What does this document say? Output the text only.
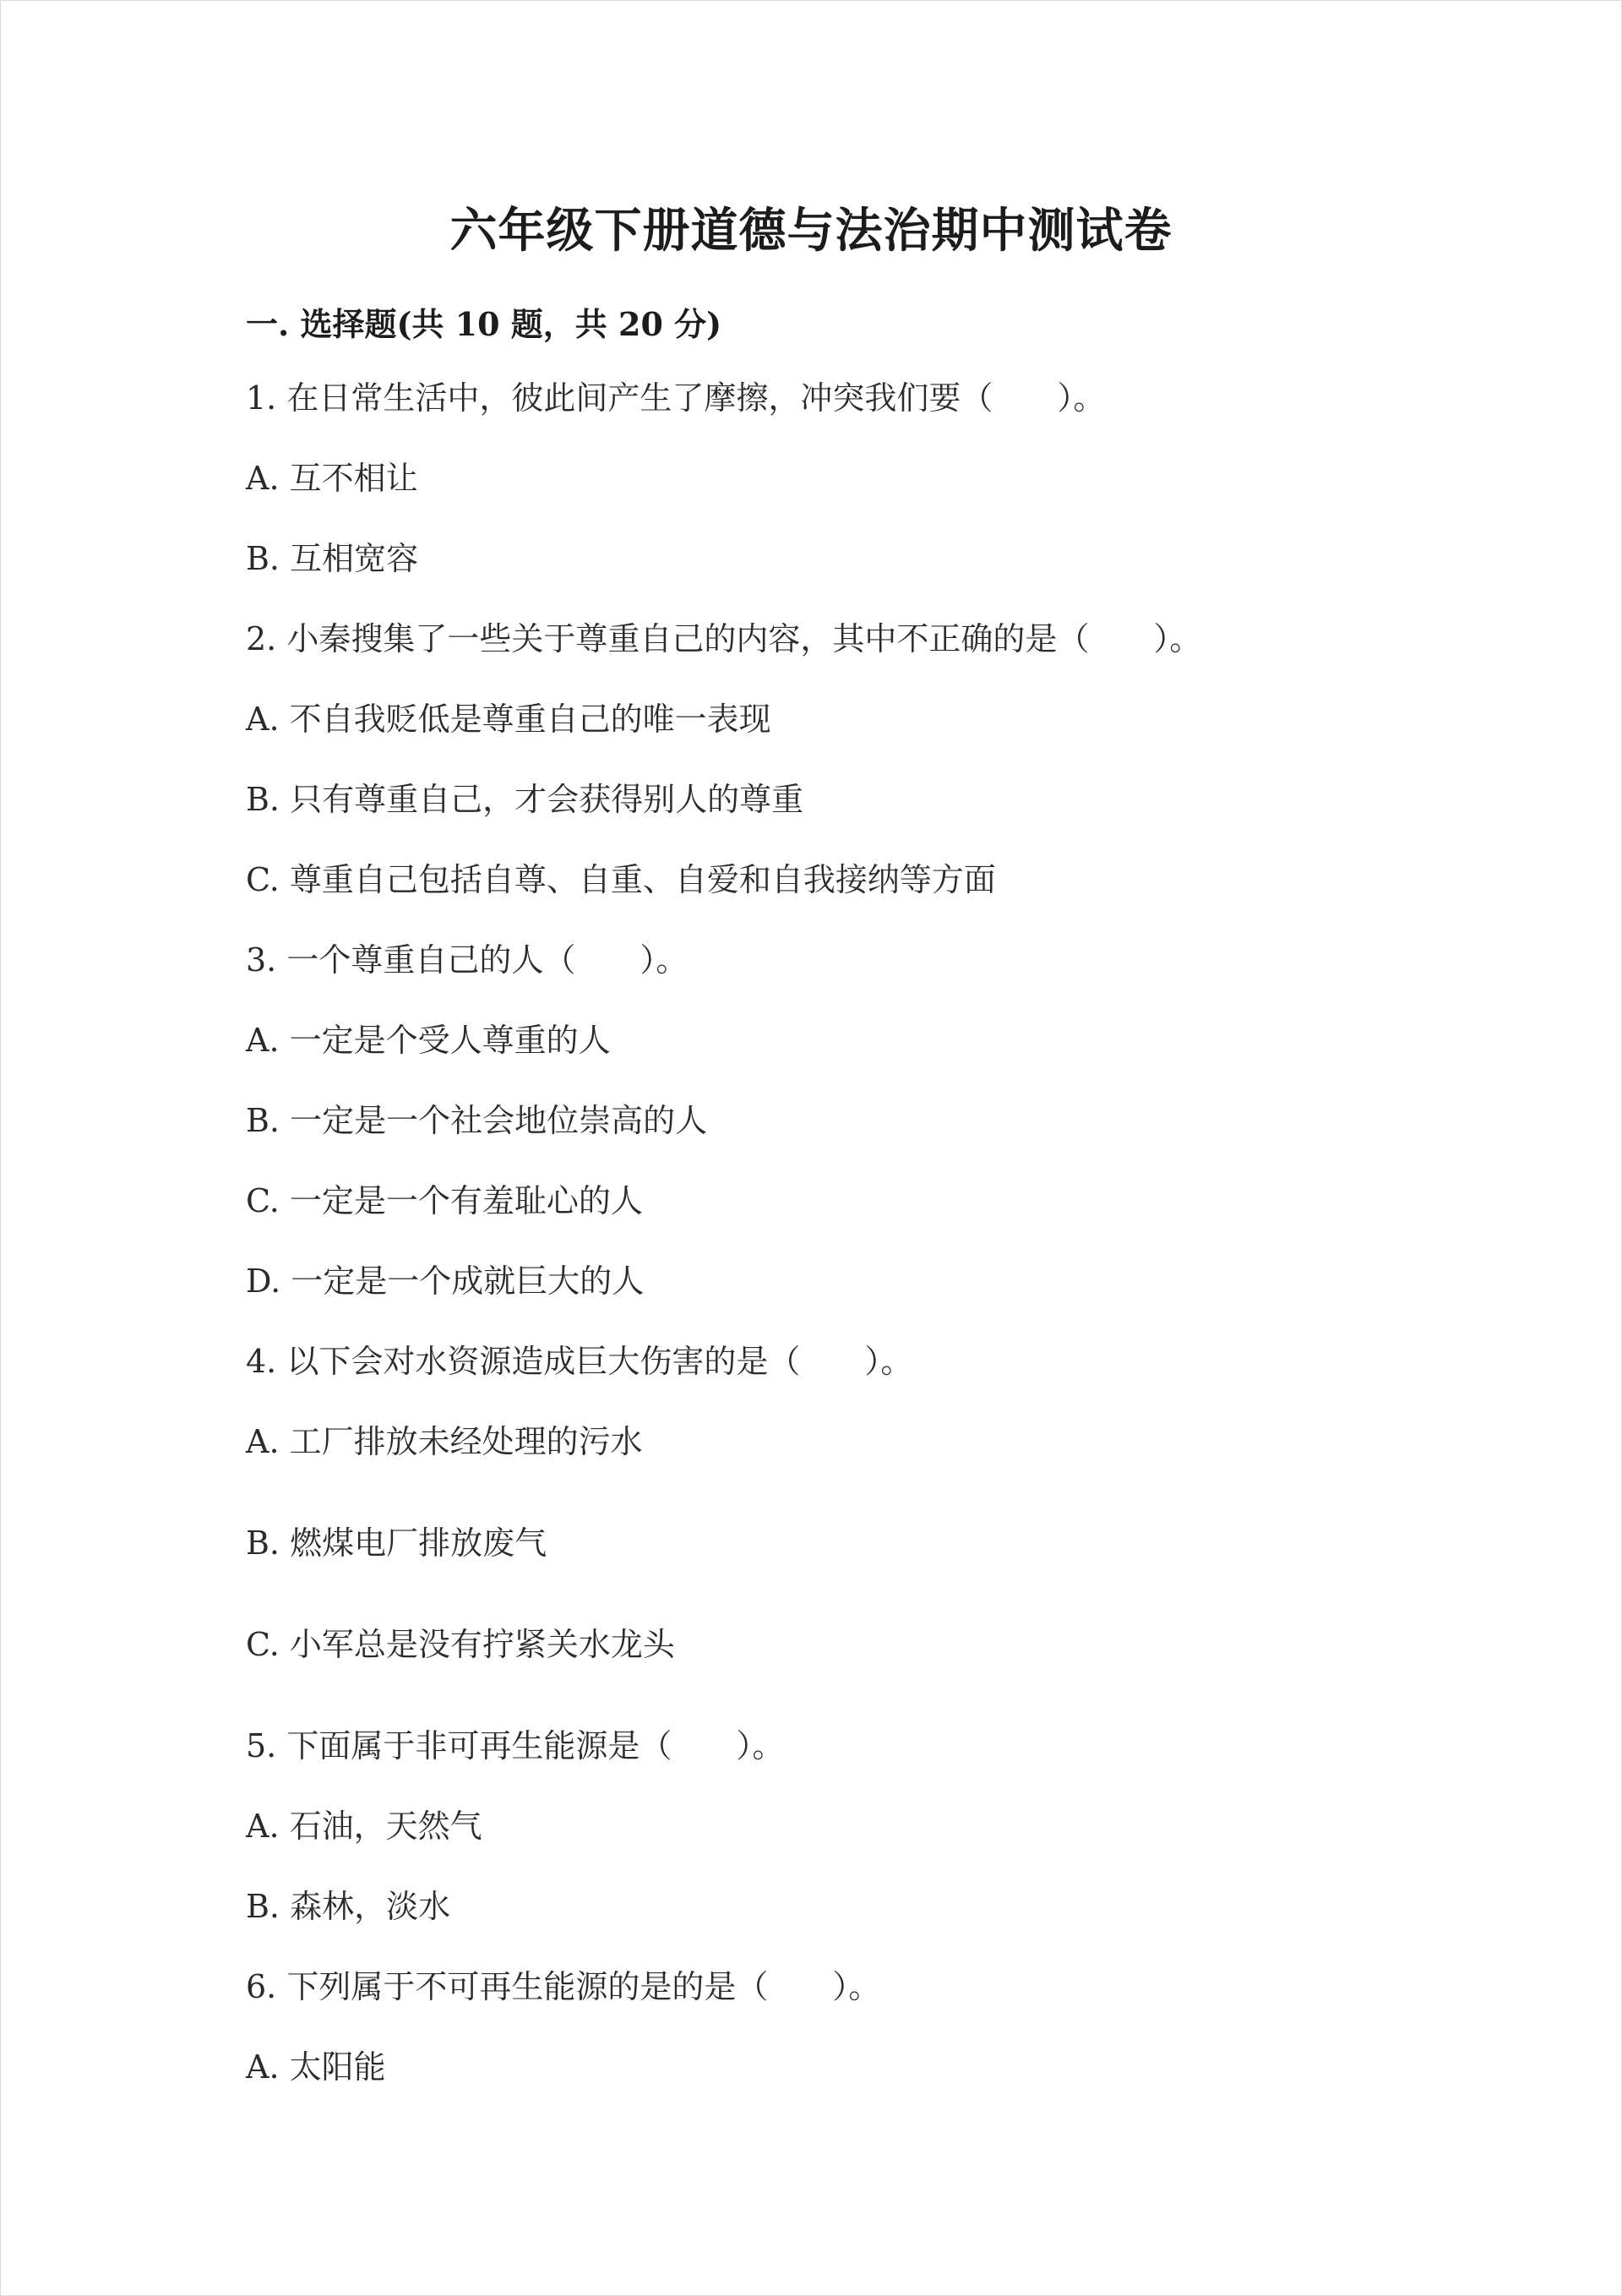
六年级下册道德与法治期中测试卷
一. 选择题(共 10 题，共 20 分)

1. 在日常生活中，彼此间产生了摩擦，冲突我们要（　　）。

A. 互不相让

B. 互相宽容

2. 小秦搜集了一些关于尊重自己的内容，其中不正确的是（　　）。

A. 不自我贬低是尊重自己的唯一表现

B. 只有尊重自己，才会获得别人的尊重

C. 尊重自己包括自尊、自重、自爱和自我接纳等方面

3. 一个尊重自己的人（　　）。

A. 一定是个受人尊重的人

B. 一定是一个社会地位崇高的人

C. 一定是一个有羞耻心的人

D. 一定是一个成就巨大的人

4. 以下会对水资源造成巨大伤害的是（　　）。

A. 工厂排放未经处理的污水

B. 燃煤电厂排放废气

C. 小军总是没有拧紧关水龙头

5. 下面属于非可再生能源是（　　）。

A. 石油，天然气

B. 森林，淡水

6. 下列属于不可再生能源的是的是（　　）。

A. 太阳能
